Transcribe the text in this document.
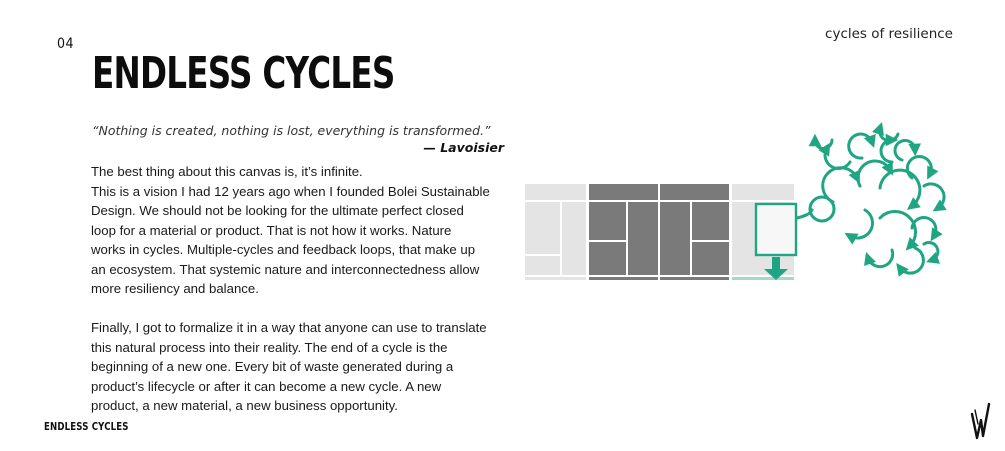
04
cycles of resilience
ENDLESS CYCLES
“Nothing is created, nothing is lost, everything is transformed.”
— Lavoisier

The best thing about this canvas is, it’s infinite.
This is a vision I had 12 years ago when I founded Bolei Sustainable
Design. We should not be looking for the ultimate perfect closed
loop for a material or product. That is not how it works. Nature
works in cycles. Multiple-cycles and feedback loops, that make up
an ecosystem. That systemic nature and interconnectedness allow
more resiliency and balance.

Finally, I got to formalize it in a way that anyone can use to translate
this natural process into their reality. The end of a cycle is the
beginning of a new one. Every bit of waste generated during a
product’s lifecycle or after it can become a new cycle. A new
product, a new material, a new business opportunity.

ENDLESS CYCLES
